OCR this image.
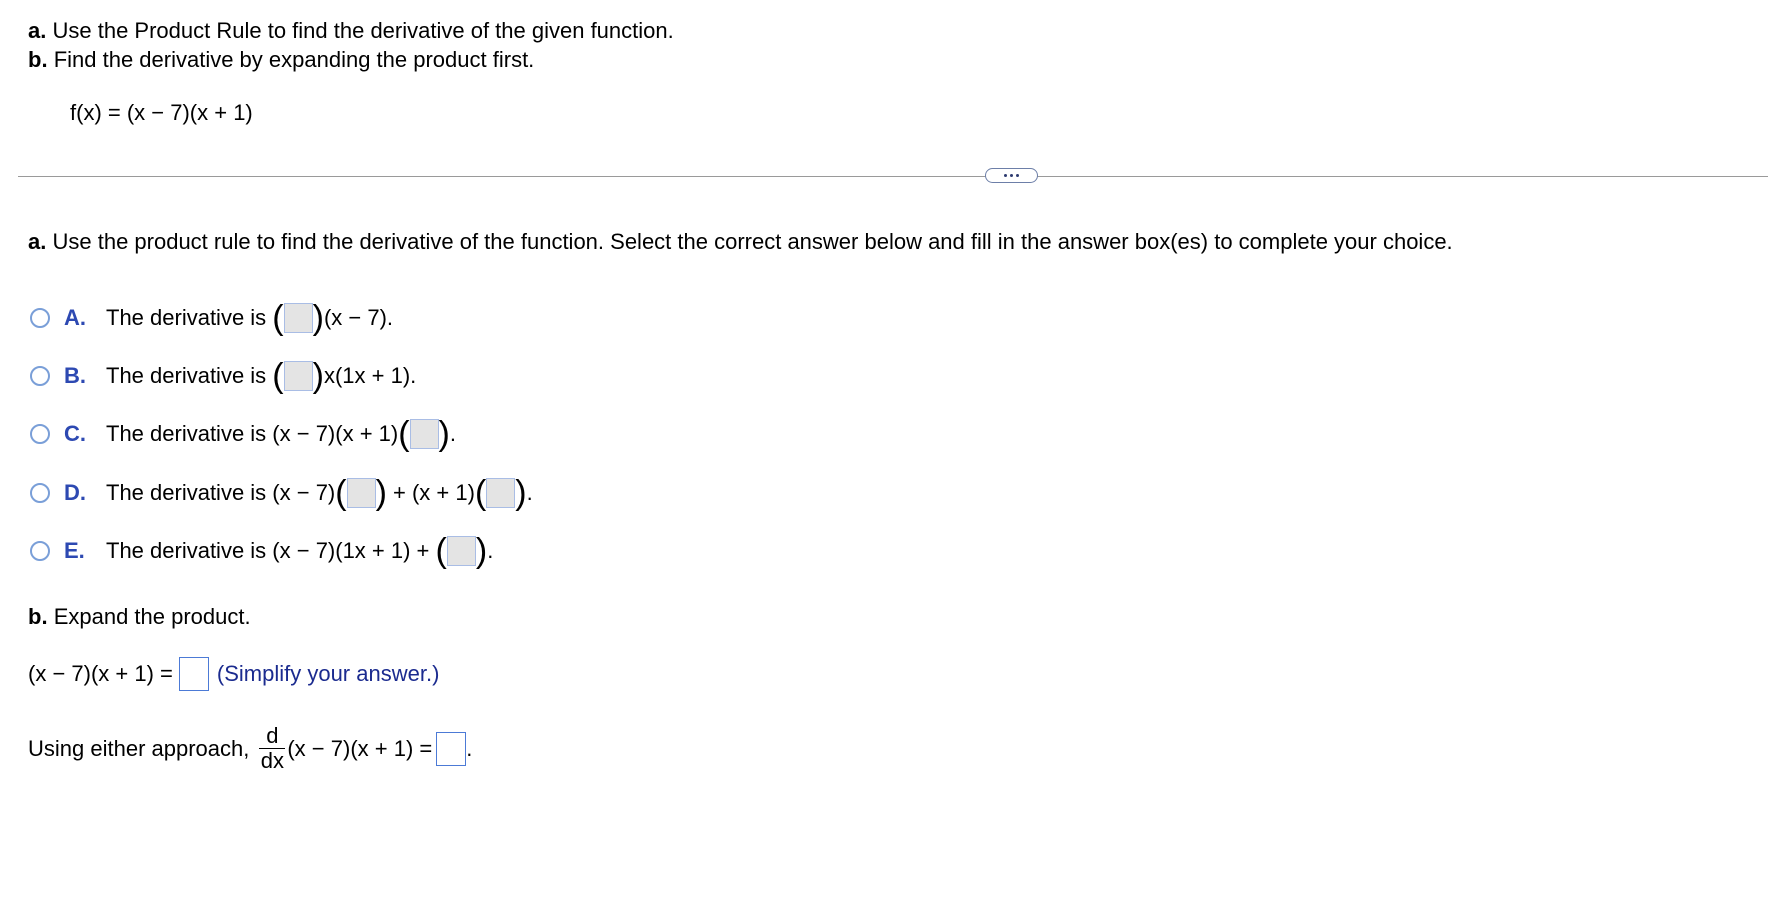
a. Use the Product Rule to find the derivative of the given function.
b. Find the derivative by expanding the product first.
f(x) = (x − 7)(x + 1)
a. Use the product rule to find the derivative of the function. Select the correct answer below and fill in the answer box(es) to complete your choice.
A. The derivative is ( ) (x − 7).
B. The derivative is ( ) x(1x + 1).
C. The derivative is (x − 7)(x + 1) ( ) .
D. The derivative is (x − 7) ( ) + (x + 1) ( ) .
E. The derivative is (x − 7)(1x + 1) + ( ) .
b. Expand the product.
(x − 7)(x + 1) = (Simplify your answer.)
Using either approach, $\frac{d}{dx} (x - 7)(x + 1)$ = .
